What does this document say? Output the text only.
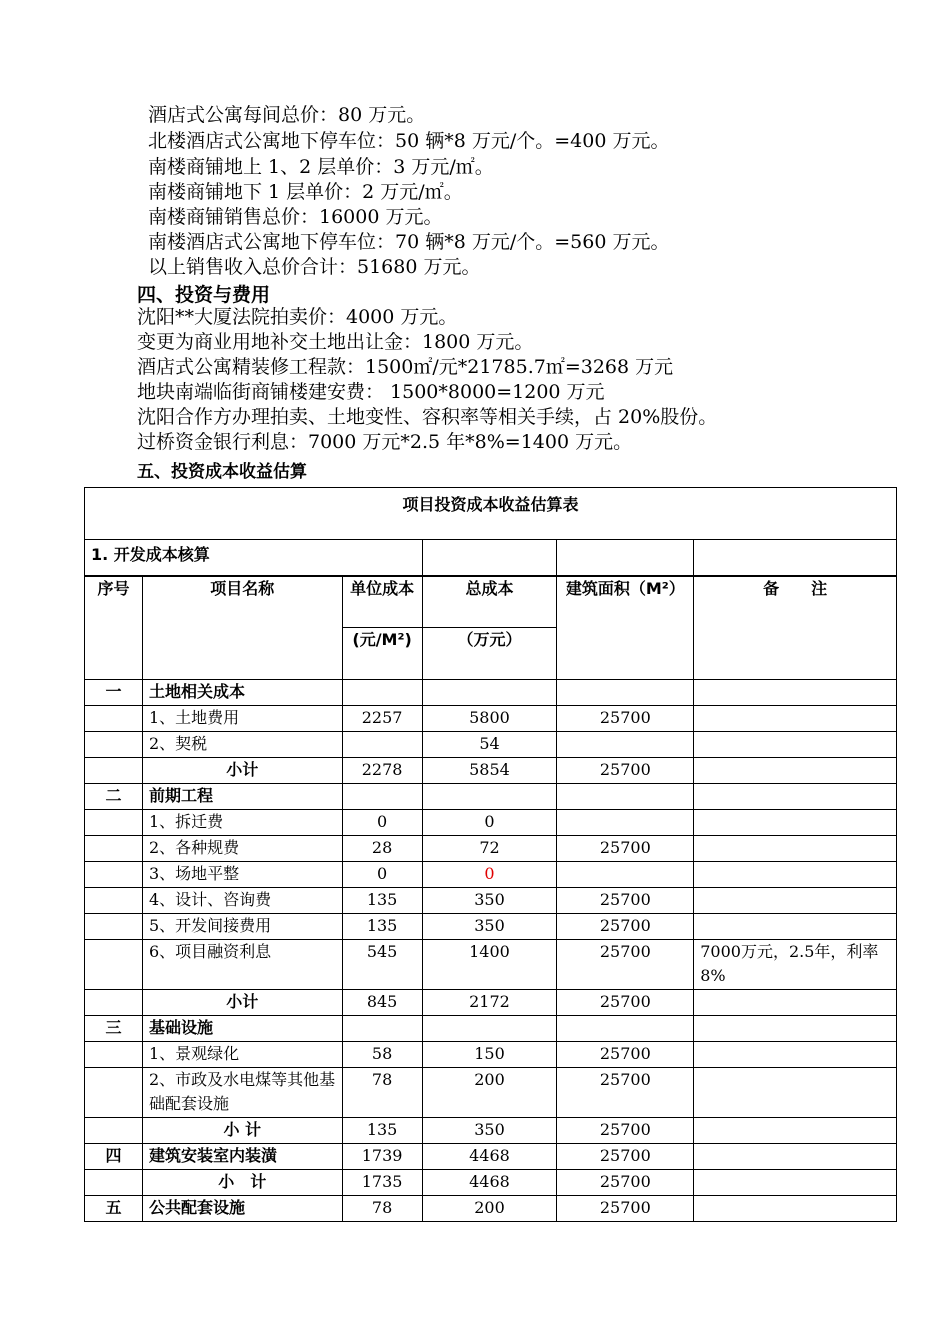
酒店式公寓每间总价：80 万元。
北楼酒店式公寓地下停车位：50 辆*8 万元/个。=400 万元。
南楼商铺地上 1、2 层单价：3 万元/㎡。
南楼商铺地下 1 层单价：2 万元/㎡。
南楼商铺销售总价：16000 万元。
南楼酒店式公寓地下停车位：70 辆*8 万元/个。=560 万元。
以上销售收入总价合计：51680 万元。
四、投资与费用
沈阳**大厦法院拍卖价：4000 万元。
变更为商业用地补交土地出让金：1800 万元。
酒店式公寓精装修工程款：1500㎡/元*21785.7㎡=3268 万元
地块南端临街商铺楼建安费： 1500*8000=1200 万元
沈阳合作方办理拍卖、土地变性、容积率等相关手续，占 20%股份。
过桥资金银行利息：7000 万元*2.5 年*8%=1400 万元。
五、投资成本收益估算
项目投资成本收益估算表					
1. 开发成本核算					
序号	项目名称	单位成本	总成本	建筑面积（M²）	备　　注
		(元/M²)	（万元）		
一	土地相关成本				
	1、土地费用	2257	5800	25700	
	2、契税		54		
	小计	2278	5854	25700	
二	前期工程				
	1、拆迁费	0	0		
	2、各种规费	28	72	25700	
	3、场地平整	0	0		
	4、设计、咨询费	135	350	25700	
	5、开发间接费用	135	350	25700	
	6、项目融资利息	545	1400	25700	7000万元，2.5年，利率8%
	小计	845	2172	25700	
三	基础设施				
	1、景观绿化	58	150	25700	
	2、市政及水电煤等其他基础配套设施	78	200	25700	
	小 计	135	350	25700	
四	建筑安装室内装潢	1739	4468	25700	
	小　计	1735	4468	25700	
五	公共配套设施	78	200	25700	
